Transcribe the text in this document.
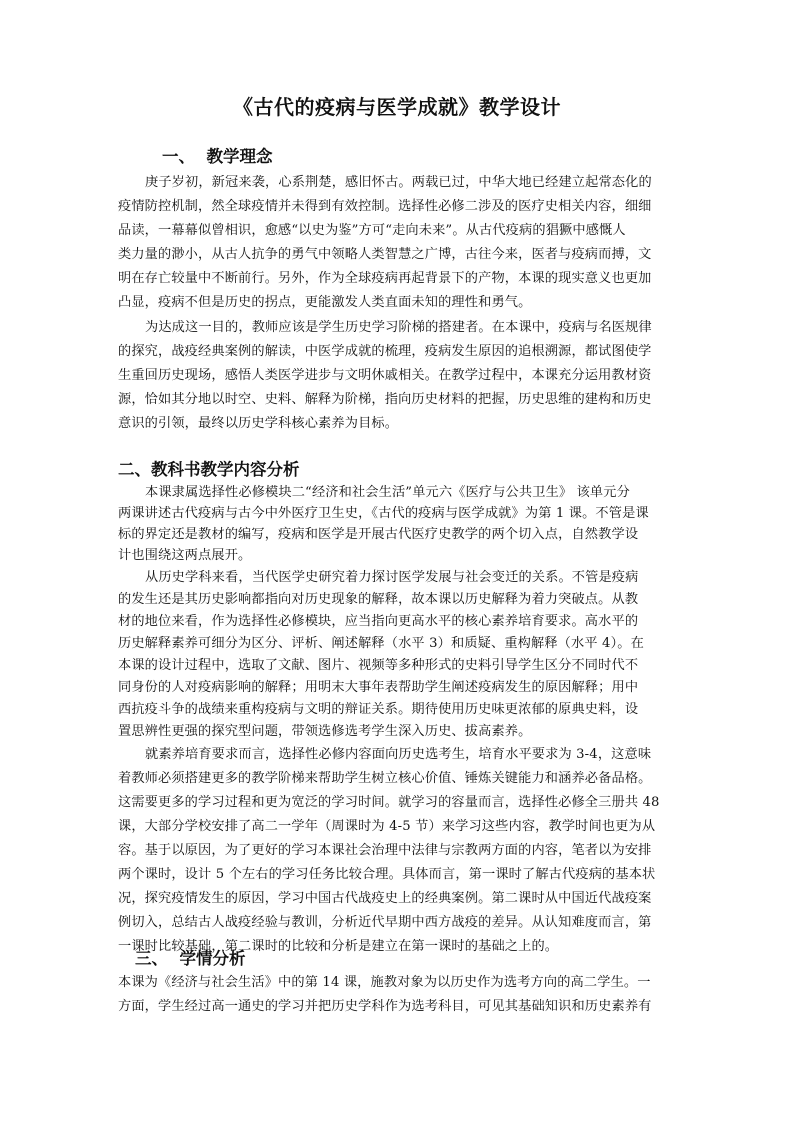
《古代的疫病与医学成就》教学设计
一、  教学理念
二、教科书教学内容分析
三、  学情分析
庚子岁初，新冠来袭，心系荆楚，感旧怀古。两载已过，中华大地已经建立起常态化的
疫情防控机制，然全球疫情并未得到有效控制。选择性必修二涉及的医疗史相关内容，细细
品读，一幕幕似曾相识，愈感“以史为鉴”方可“走向未来”。从古代疫病的猖獗中感慨人
类力量的渺小，从古人抗争的勇气中领略人类智慧之广博，古往今来，医者与疫病而搏，文
明在存亡较量中不断前行。另外，作为全球疫病再起背景下的产物，本课的现实意义也更加
凸显，疫病不但是历史的拐点，更能激发人类直面未知的理性和勇气。
为达成这一目的，教师应该是学生历史学习阶梯的搭建者。在本课中，疫病与名医规律
的探究，战疫经典案例的解读，中医学成就的梳理，疫病发生原因的追根溯源，都试图使学
生重回历史现场，感悟人类医学进步与文明休戚相关。在教学过程中，本课充分运用教材资
源，恰如其分地以时空、史料、解释为阶梯，指向历史材料的把握，历史思维的建构和历史
意识的引领，最终以历史学科核心素养为目标。
本课隶属选择性必修模块二“经济和社会生活”单元六《医疗与公共卫生》 该单元分
两课讲述古代疫病与古今中外医疗卫生史，《古代的疫病与医学成就》为第 1 课。不管是课
标的界定还是教材的编写，疫病和医学是开展古代医疗史教学的两个切入点，自然教学设
计也围绕这两点展开。
从历史学科来看，当代医学史研究着力探讨医学发展与社会变迁的关系。不管是疫病
的发生还是其历史影响都指向对历史现象的解释，故本课以历史解释为着力突破点。从教
材的地位来看，作为选择性必修模块，应当指向更高水平的核心素养培育要求。高水平的
历史解释素养可细分为区分、评析、阐述解释（水平 3）和质疑、重构解释（水平 4）。在
本课的设计过程中，选取了文献、图片、视频等多种形式的史料引导学生区分不同时代不
同身份的人对疫病影响的解释；用明末大事年表帮助学生阐述疫病发生的原因解释；用中
西抗疫斗争的战绩来重构疫病与文明的辩证关系。期待使用历史味更浓郁的原典史料，设
置思辨性更强的探究型问题，带领选修选考学生深入历史、拔高素养。
就素养培育要求而言，选择性必修内容面向历史选考生，培育水平要求为 3-4，这意味
着教师必须搭建更多的教学阶梯来帮助学生树立核心价值、锤炼关键能力和涵养必备品格。
这需要更多的学习过程和更为宽泛的学习时间。就学习的容量而言，选择性必修全三册共 48
课，大部分学校安排了高二一学年（周课时为 4-5 节）来学习这些内容，教学时间也更为从
容。基于以原因，为了更好的学习本课社会治理中法律与宗教两方面的内容，笔者以为安排
两个课时，设计 5 个左右的学习任务比较合理。具体而言，第一课时了解古代疫病的基本状
况，探究疫情发生的原因，学习中国古代战疫史上的经典案例。第二课时从中国近代战疫案
例切入，总结古人战疫经验与教训，分析近代早期中西方战疫的差异。从认知难度而言，第
一课时比较基础，第二课时的比较和分析是建立在第一课时的基础之上的。
本课为《经济与社会生活》中的第 14 课，施教对象为以历史作为选考方向的高二学生。一
方面，学生经过高一通史的学习并把历史学科作为选考科目，可见其基础知识和历史素养有
